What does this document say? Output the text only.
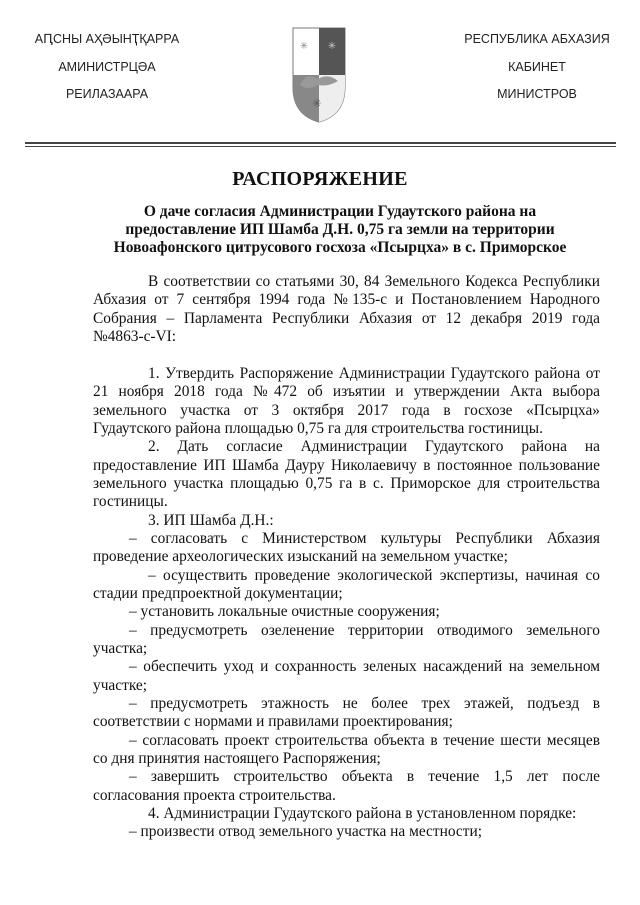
АԤСНЫ АҲӘЫНҬҚАРРА
АМИНИСТРЦӘА
РЕИЛАЗААРА
✳ ✳
✳
РЕСПУБЛИКА АБХАЗИЯ
КАБИНЕТ
МИНИСТРОВ
РАСПОРЯЖЕНИЕ
О даче согласия Администрации Гудаутского района на
предоставление ИП Шамба Д.Н. 0,75 га земли на территории
Новоафонского цитрусового госхоза «Псырцха» в с. Приморское
В соответствии со статьями 30, 84 Земельного Кодекса Республики
Абхазия от 7 сентября 1994 года №135-с и Постановлением Народного
Собрания – Парламента Республики Абхазия от 12 декабря 2019 года
№4863-с-VI:
1. Утвердить Распоряжение Администрации Гудаутского района от
21 ноября 2018 года №472 об изъятии и утверждении Акта выбора
земельного участка от 3 октября 2017 года в госхозе «Псырцха»
Гудаутского района площадью 0,75 га для строительства гостиницы.
2. Дать согласие Администрации Гудаутского района на
предоставление ИП Шамба Дауру Николаевичу в постоянное пользование
земельного участка площадью 0,75 га в с. Приморское для строительства
гостиницы.
3. ИП Шамба Д.Н.:
– согласовать с Министерством культуры Республики Абхазия
проведение археологических изысканий на земельном участке;
– осуществить проведение экологической экспертизы, начиная со
стадии предпроектной документации;
– установить локальные очистные сооружения;
– предусмотреть озеленение территории отводимого земельного
участка;
– обеспечить уход и сохранность зеленых насаждений на земельном
участке;
– предусмотреть этажность не более трех этажей, подъезд в
соответствии с нормами и правилами проектирования;
– согласовать проект строительства объекта в течение шести месяцев
со дня принятия настоящего Распоряжения;
– завершить строительство объекта в течение 1,5 лет после
согласования проекта строительства.
4. Администрации Гудаутского района в установленном порядке:
– произвести отвод земельного участка на местности;
